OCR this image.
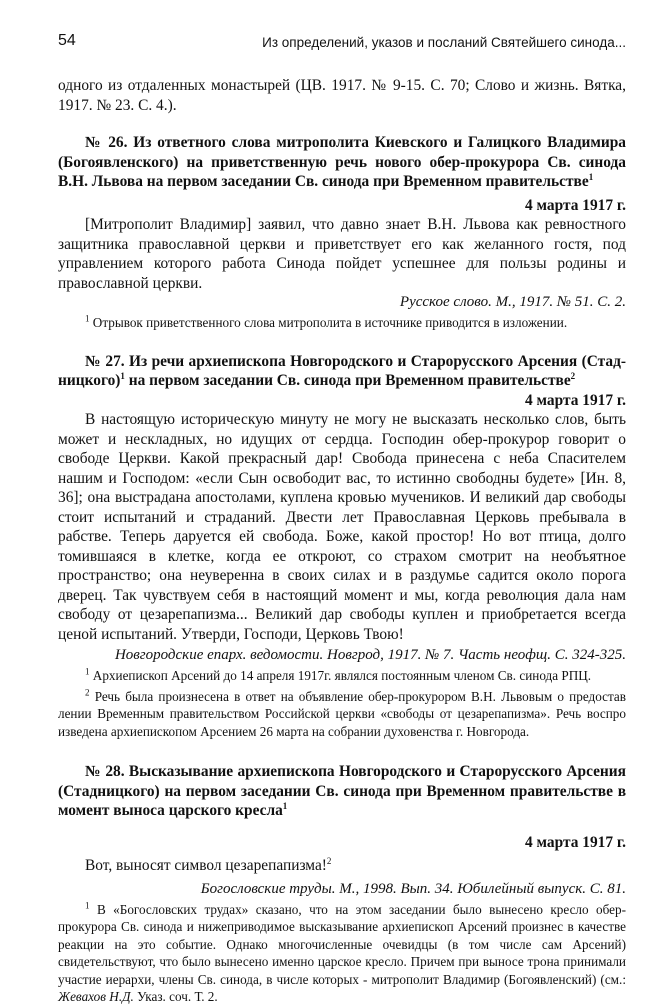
54	Из определений, указов и посланий Святейшего синода...

одного из отдаленных монастырей (ЦВ. 1917. № 9-15. С. 70; Слово и жизнь. Вятка, 1917. № 23. С. 4.).

№ 26. Из ответного слова митрополита Киевского и Галицкого Владимира (Богоявленского) на приветственную речь нового обер-прокурора Св. синода В.Н. Львова на первом заседании Св. синода при Временном правительстве$^1$

4 марта 1917 г.

[Митрополит Владимир] заявил, что давно знает В.Н. Львова как ревностного защитника православной церкви и приветствует его как желанного гостя, под управлением которого работа Синода пойдет успешнее для пользы родины и православной церкви.

Русское слово. М., 1917. № 51. С. 2.

$^1$ Отрывок приветственного слова митрополита в источнике приводится в изложении.

№ 27. Из речи архиепископа Новгородского и Старорусского Арсения (Стад-ницкого)$^1$ на первом заседании Св. синода при Временном правительстве$^2$

4 марта 1917 г.

В настоящую историческую минуту не могу не высказать несколько слов, быть может и нескладных, но идущих от сердца. Господин обер-прокурор говорит о свободе Церкви. Какой прекрасный дар! Свобода принесена с неба Спасителем нашим и Господом: «если Сын освободит вас, то истинно свободны будете» [Ин. 8, 36]; она выстрадана апостолами, куплена кровью мучеников. И великий дар свободы стоит испытаний и страданий. Двести лет Православная Церковь пребывала в рабстве. Теперь даруется ей свобода. Боже, какой простор! Но вот птица, долго томившаяся в клетке, когда ее откроют, со страхом смотрит на необъятное пространство; она неуверенна в своих силах и в раздумье садится около порога дверец. Так чувствуем себя в настоящий момент и мы, когда революция дала нам свободу от цезарепапизма... Великий дар свободы куплен и приобретается всегда ценой испытаний. Утверди, Господи, Церковь Твою!

Новгородские епарх. ведомости. Новгрод, 1917. № 7. Часть неофщ. С. 324-325.

$^1$ Архиепископ Арсений до 14 апреля 1917г. являлся постоянным членом Св. синода РПЦ.

$^2$ Речь была произнесена в ответ на объявление обер-прокурором В.Н. Львовым о предостав лении Временным правительством Российской церкви «свободы от цезарепапизма». Речь воспро изведена архиепископом Арсением 26 марта на собрании духовенства г. Новгорода.

№ 28. Высказывание архиепископа Новгородского и Старорусского Арсения (Стадницкого) на первом заседании Св. синода при Временном правительстве в момент выноса царского кресла$^1$

4 марта 1917 г.

Вот, выносят символ цезарепапизма!$^2$

Богословские труды. М., 1998. Вып. 34. Юбилейный выпуск. С. 81.

$^1$ В «Богословских трудах» сказано, что на этом заседании было вынесено кресло обер-прокурора Св. синода и нижеприводимое высказывание архиепископ Арсений произнес в качестве реакции на это событие. Однако многочисленные очевидцы (в том числе сам Арсений) свидетельствуют, что было вынесено именно царское кресло. Причем при выносе трона принимали участие иерархи, члены Св. синода, в числе которых - митрополит Владимир (Богоявленский) (см.: Жевахов Н.Д. Указ. соч. Т. 2.
